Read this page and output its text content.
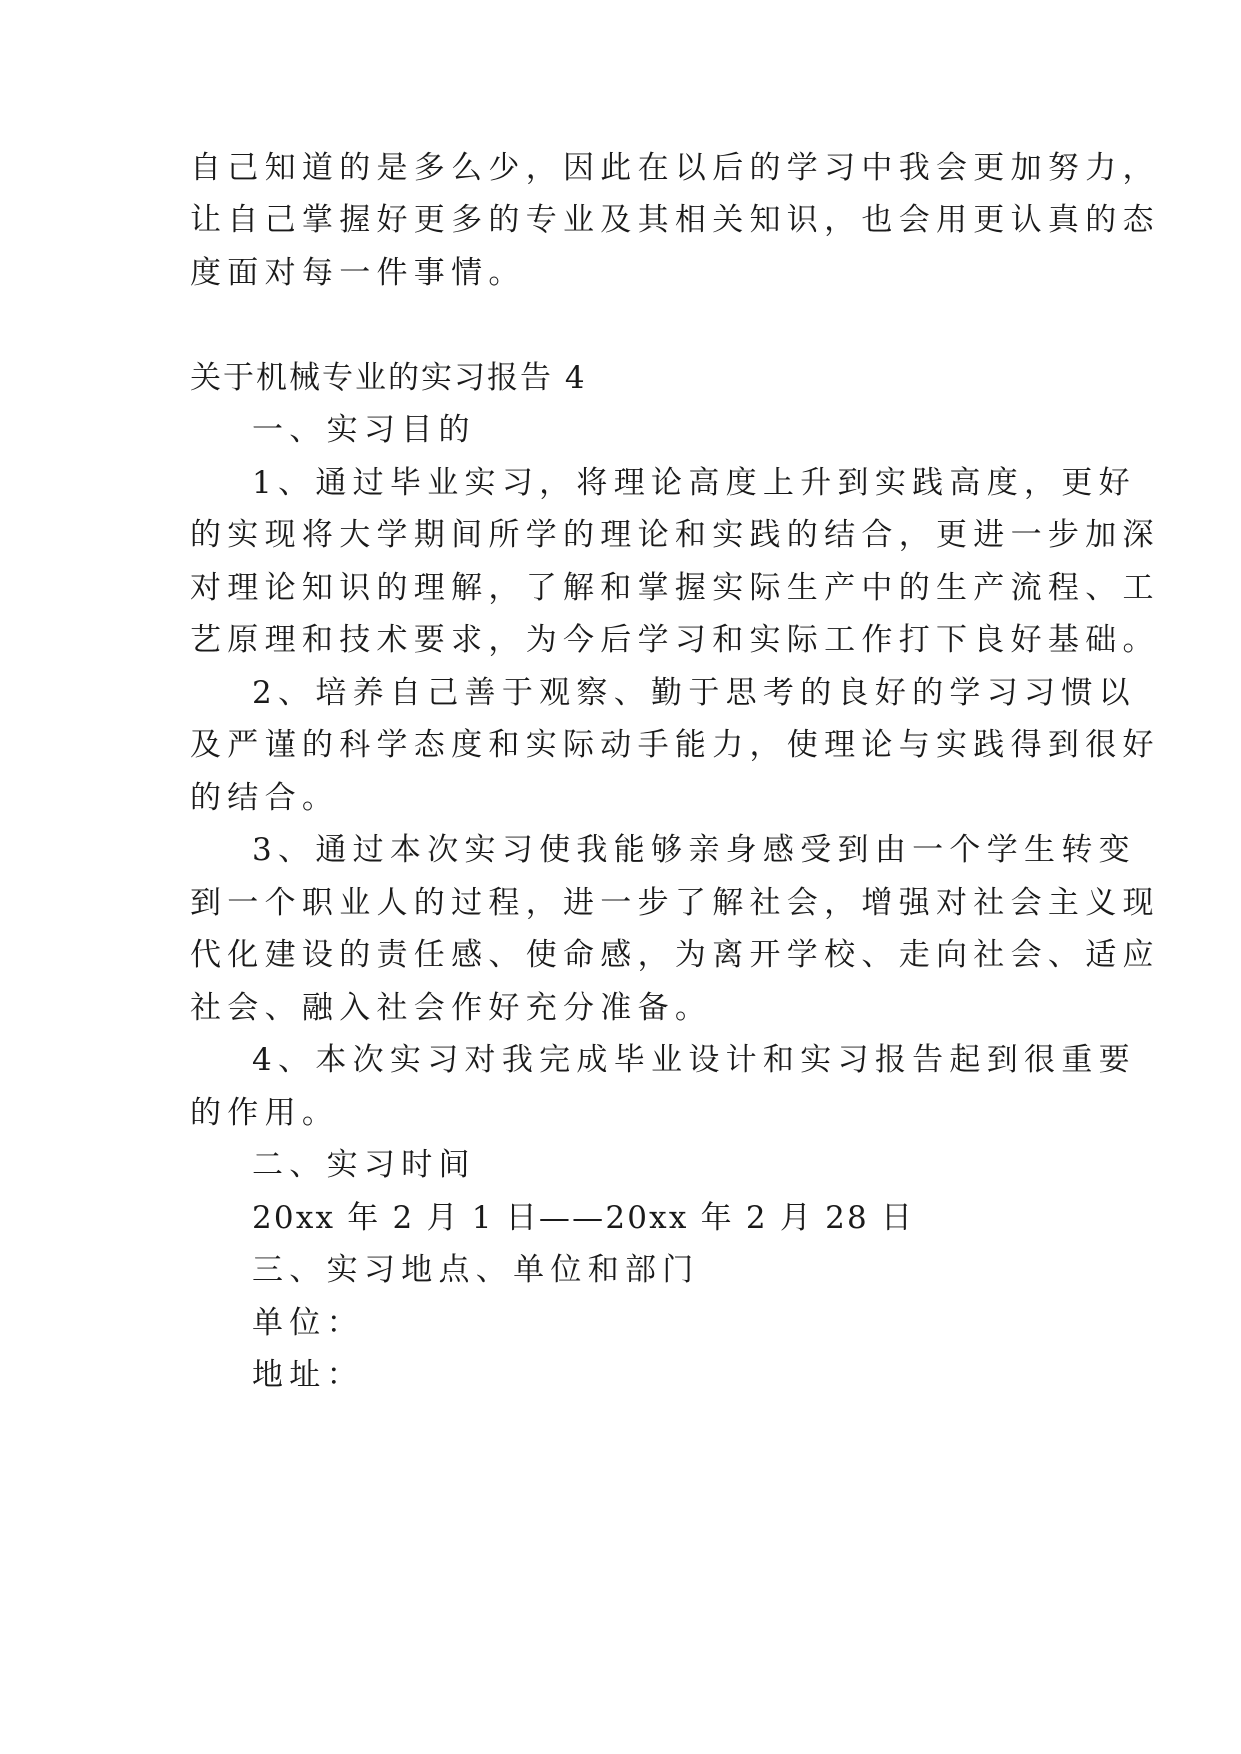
自己知道的是多么少，因此在以后的学习中我会更加努力，

让自己掌握好更多的专业及其相关知识，也会用更认真的态

度面对每一件事情。

关于机械专业的实习报告 4

一、实习目的

1、通过毕业实习，将理论高度上升到实践高度，更好

的实现将大学期间所学的理论和实践的结合，更进一步加深

对理论知识的理解，了解和掌握实际生产中的生产流程、工

艺原理和技术要求，为今后学习和实际工作打下良好基础。

2、培养自己善于观察、勤于思考的良好的学习习惯以

及严谨的科学态度和实际动手能力，使理论与实践得到很好

的结合。

3、通过本次实习使我能够亲身感受到由一个学生转变

到一个职业人的过程，进一步了解社会，增强对社会主义现

代化建设的责任感、使命感，为离开学校、走向社会、适应

社会、融入社会作好充分准备。

4、本次实习对我完成毕业设计和实习报告起到很重要

的作用。

二、实习时间

20xx 年 2 月 1 日——20xx 年 2 月 28 日

三、实习地点、单位和部门

单位：

地址：
